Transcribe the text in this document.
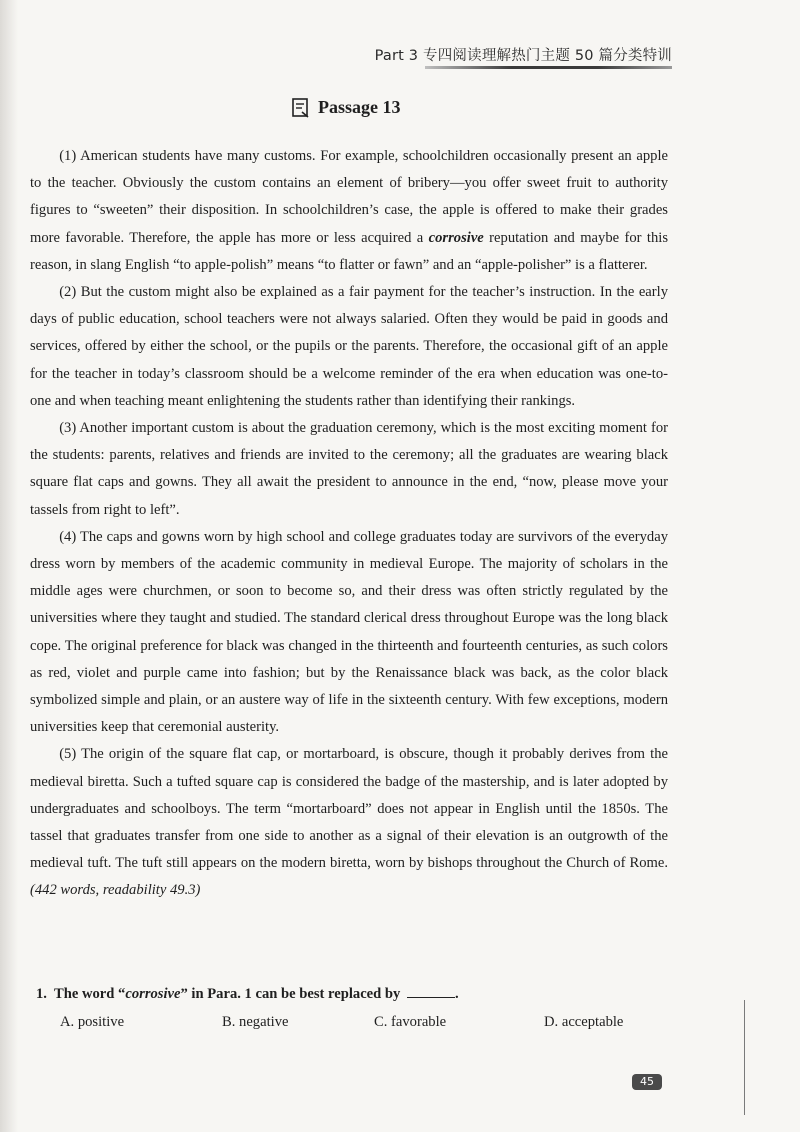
Part 3 专四阅读理解热门主题 50 篇分类特训
Passage 13

(1) American students have many customs. For example, schoolchildren occasionally present an apple to the teacher. Obviously the custom contains an element of bribery—you offer sweet fruit to authority figures to “sweeten” their disposition. In schoolchildren’s case, the apple is offered to make their grades more favorable. Therefore, the apple has more or less acquired a corrosive reputation and maybe for this reason, in slang English “to apple-polish” means “to flatter or fawn” and an “apple-polisher” is a flatterer.

(2) But the custom might also be explained as a fair payment for the teacher’s instruction. In the early days of public education, school teachers were not always salaried. Often they would be paid in goods and services, offered by either the school, or the pupils or the parents. Therefore, the occasional gift of an apple for the teacher in today’s classroom should be a welcome reminder of the era when education was one-to-one and when teaching meant enlightening the students rather than identifying their rankings.

(3) Another important custom is about the graduation ceremony, which is the most exciting moment for the students: parents, relatives and friends are invited to the ceremony; all the graduates are wearing black square flat caps and gowns. They all await the president to announce in the end, “now, please move your tassels from right to left”.

(4) The caps and gowns worn by high school and college graduates today are survivors of the everyday dress worn by members of the academic community in medieval Europe. The majority of scholars in the middle ages were churchmen, or soon to become so, and their dress was often strictly regulated by the universities where they taught and studied. The standard clerical dress throughout Europe was the long black cope. The original preference for black was changed in the thirteenth and fourteenth centuries, as such colors as red, violet and purple came into fashion; but by the Renaissance black was back, as the color black symbolized simple and plain, or an austere way of life in the sixteenth century. With few exceptions, modern universities keep that ceremonial austerity.

(5) The origin of the square flat cap, or mortarboard, is obscure, though it probably derives from the medieval biretta. Such a tufted square cap is considered the badge of the mastership, and is later adopted by undergraduates and schoolboys. The term “mortarboard” does not appear in English until the 1850s. The tassel that graduates transfer from one side to another as a signal of their elevation is an outgrowth of the medieval tuft. The tuft still appears on the modern biretta, worn by bishops throughout the Church of Rome. (442 words, readability 49.3)

1. The word “corrosive” in Para. 1 can be best replaced by	.
A. positive	B. negative	C. favorable	D. acceptable
45
